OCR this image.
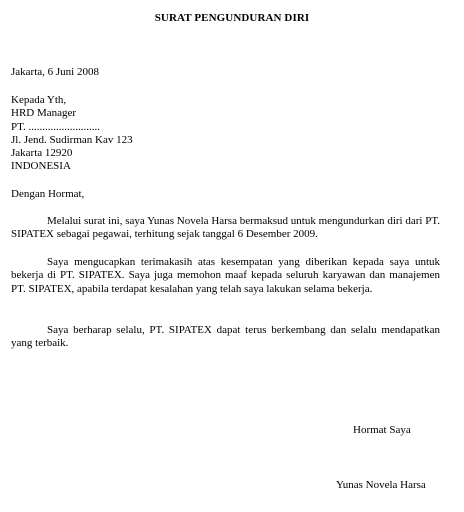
SURAT PENGUNDURAN DIRI
Jakarta, 6 Juni 2008
Kepada Yth,
HRD Manager
PT. ..........................
Jl. Jend. Sudirman Kav 123
Jakarta 12920
INDONESIA
Dengan Hormat,
Melalui surat ini, saya Yunas Novela Harsa bermaksud untuk mengundurkan diri dari PT. SIPATEX sebagai pegawai, terhitung sejak tanggal 6 Desember 2009.
Saya mengucapkan terimakasih atas kesempatan yang diberikan kepada saya untuk bekerja di PT. SIPATEX. Saya juga memohon maaf kepada seluruh karyawan dan manajemen PT. SIPATEX, apabila terdapat kesalahan yang telah saya lakukan selama bekerja.
Saya berharap selalu, PT. SIPATEX dapat terus berkembang dan selalu mendapatkan yang terbaik.
Hormat Saya
Yunas Novela Harsa
